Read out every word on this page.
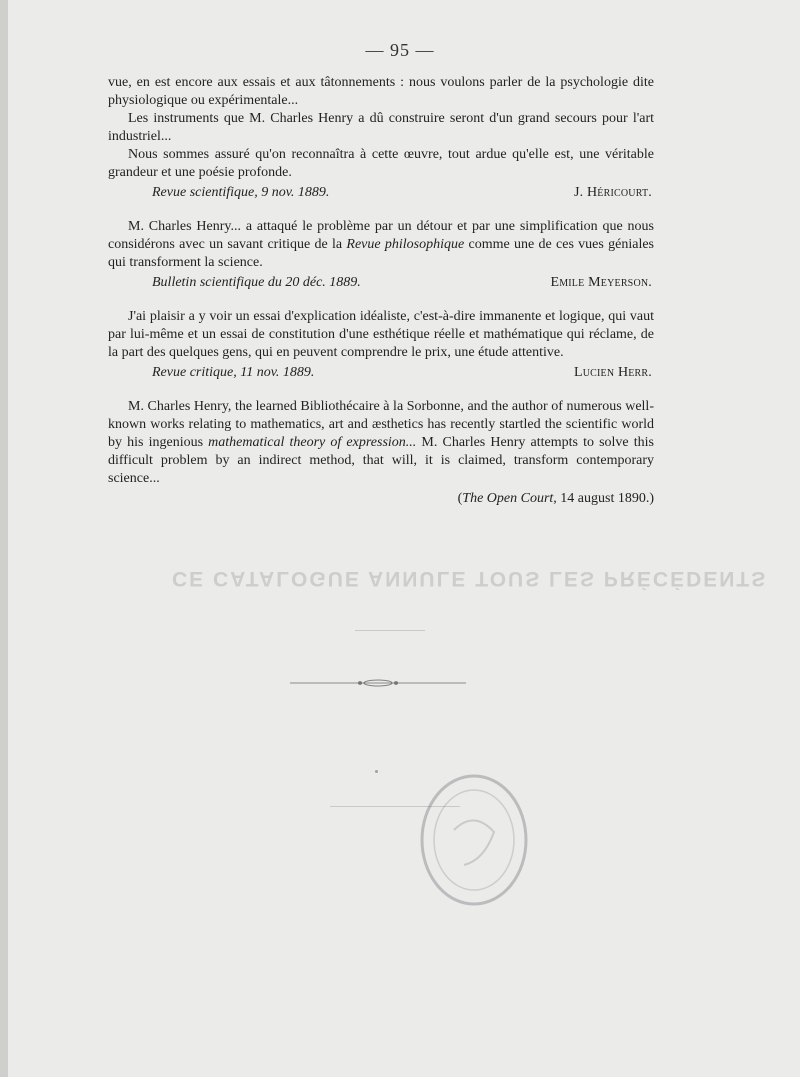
CE CATALOGUE ANNULE TOUS LES PRÉCÉDENTS
— 95 —

vue, en est encore aux essais et aux tâtonnements : nous voulons parler de la psychologie dite physiologique ou expérimentale...

Les instruments que M. Charles Henry a dû construire seront d'un grand secours pour l'art industriel...

Nous sommes assuré qu'on reconnaîtra à cette œuvre, tout ardue qu'elle est, une véritable grandeur et une poésie profonde.

Revue scientifique, 9 nov. 1889.	J. Héricourt.

M. Charles Henry... a attaqué le problème par un détour et par une simplification que nous considérons avec un savant critique de la Revue philosophique comme une de ces vues géniales qui transforment la science.

Bulletin scientifique du 20 déc. 1889.	Emile Meyerson.

J'ai plaisir a y voir un essai d'explication idéaliste, c'est-à-dire immanente et logique, qui vaut par lui-même et un essai de constitution d'une esthétique réelle et mathématique qui réclame, de la part des quelques gens, qui en peuvent comprendre le prix, une étude attentive.

Revue critique, 11 nov. 1889.	Lucien Herr.

M. Charles Henry, the learned Bibliothécaire à la Sorbonne, and the author of numerous well-known works relating to mathematics, art and æsthetics has recently startled the scientific world by his ingenious mathematical theory of expression... M. Charles Henry attempts to solve this difficult problem by an indirect method, that will, it is claimed, transform contemporary science...

(The Open Court, 14 august 1890.)
